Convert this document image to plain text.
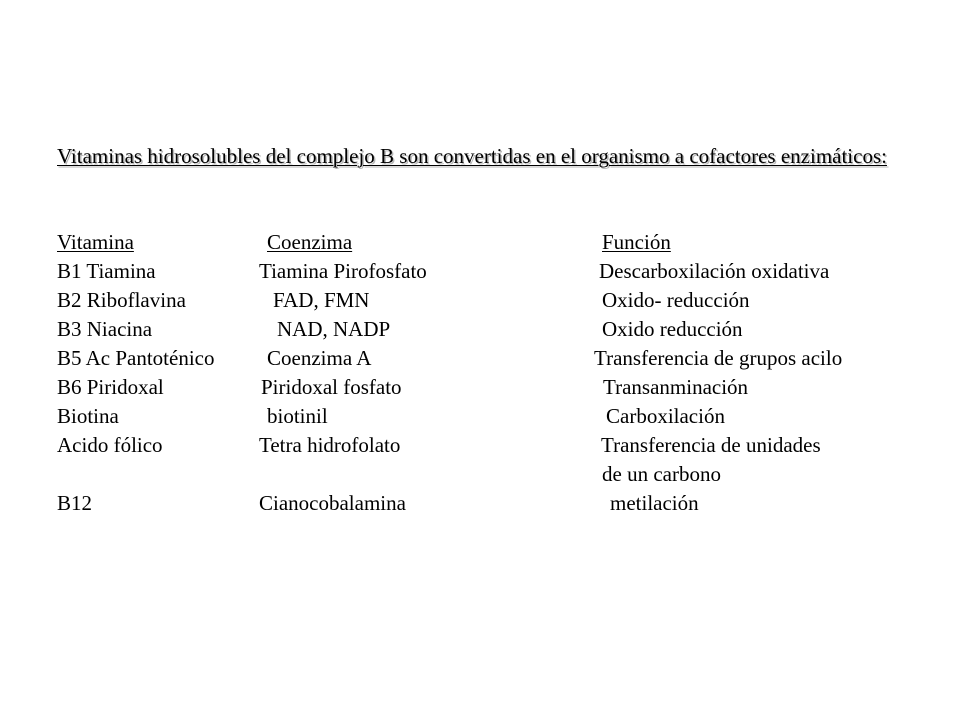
Vitaminas hidrosolubles del complejo B son convertidas en el organismo a cofactores enzimáticos:
Vitamina	Coenzima	Función
B1 Tiamina	Tiamina Pirofosfato	Descarboxilación oxidativa
B2 Riboflavina	FAD, FMN	Oxido- reducción
B3 Niacina	NAD, NADP	Oxido reducción
B5 Ac Pantoténico	Coenzima A	Transferencia de grupos acilo
B6 Piridoxal	Piridoxal fosfato	Transanminación
Biotina	biotinil	Carboxilación
Acido fólico	Tetra hidrofolato	Transferencia de unidades
de un carbono
B12	Cianocobalamina	metilación
